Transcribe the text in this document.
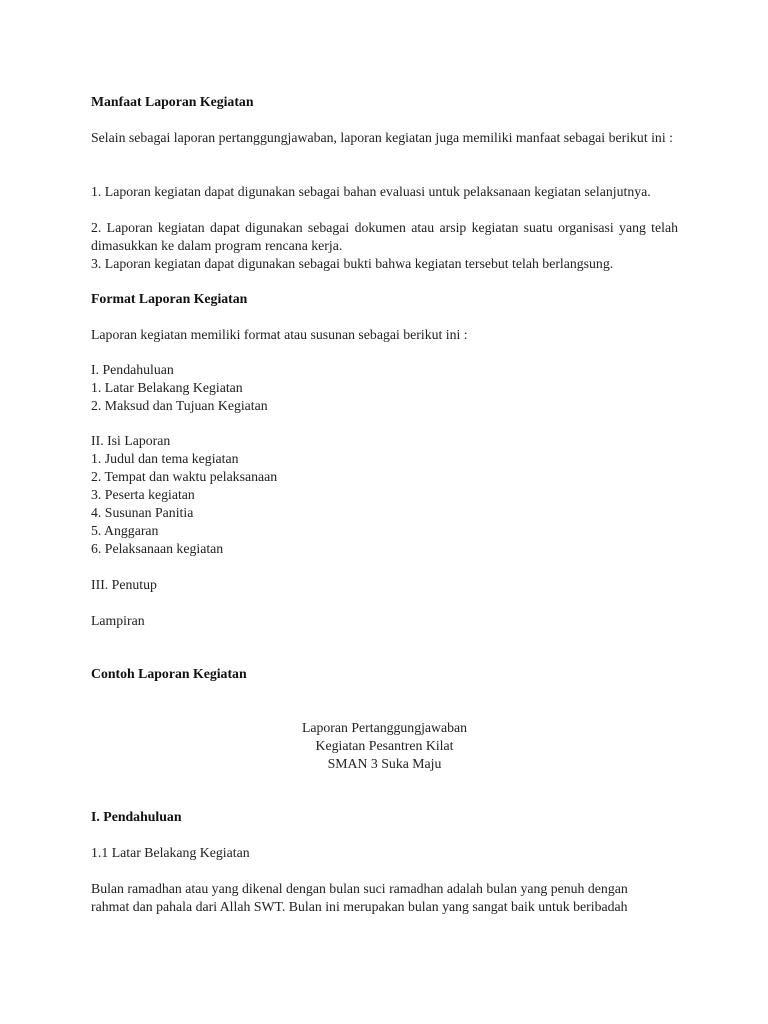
Manfaat Laporan Kegiatan

Selain sebagai laporan pertanggungjawaban, laporan kegiatan juga memiliki manfaat sebagai berikut ini :

1. Laporan kegiatan dapat digunakan sebagai bahan evaluasi untuk pelaksanaan kegiatan selanjutnya.

2. Laporan kegiatan dapat digunakan sebagai dokumen atau arsip kegiatan suatu organisasi yang telah dimasukkan ke dalam program rencana kerja.

3. Laporan kegiatan dapat digunakan sebagai bukti bahwa kegiatan tersebut telah berlangsung.

Format Laporan Kegiatan

Laporan kegiatan memiliki format atau susunan sebagai berikut ini :

I. Pendahuluan
1. Latar Belakang Kegiatan
2. Maksud dan Tujuan Kegiatan
II. Isi Laporan
1. Judul dan tema kegiatan
2. Tempat dan waktu pelaksanaan
3. Peserta kegiatan
4. Susunan Panitia
5. Anggaran
6. Pelaksanaan kegiatan

III. Penutup

Lampiran

Contoh Laporan Kegiatan

Laporan Pertanggungjawaban
Kegiatan Pesantren Kilat
SMAN 3 Suka Maju

I. Pendahuluan

1.1 Latar Belakang Kegiatan

Bulan ramadhan atau yang dikenal dengan bulan suci ramadhan adalah bulan yang penuh dengan
rahmat dan pahala dari Allah SWT. Bulan ini merupakan bulan yang sangat baik untuk beribadah
